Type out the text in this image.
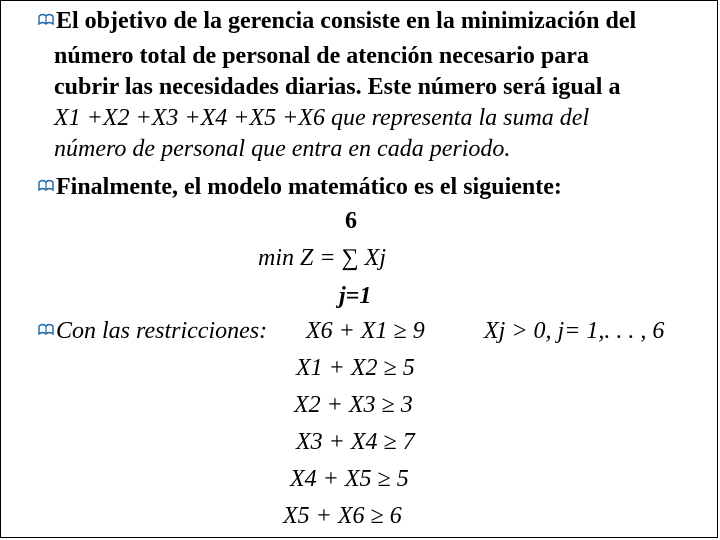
El objetivo de la gerencia consiste en la minimización del
número total de personal de atención necesario para
cubrir las necesidades diarias. Este número será igual a
X1 +X2 +X3 +X4 +X5 +X6 que representa la suma del
número de personal que entra en cada periodo.
Finalmente, el modelo matemático es el siguiente:
6
min Z = ∑ Xj
j=1
Con las restricciones: X6 + X1 ≥ 9 Xj > 0, j= 1,. . . , 6
X1 + X2 ≥ 5
X2 + X3 ≥ 3
X3 + X4 ≥ 7
X4 + X5 ≥ 5
X5 + X6 ≥ 6
